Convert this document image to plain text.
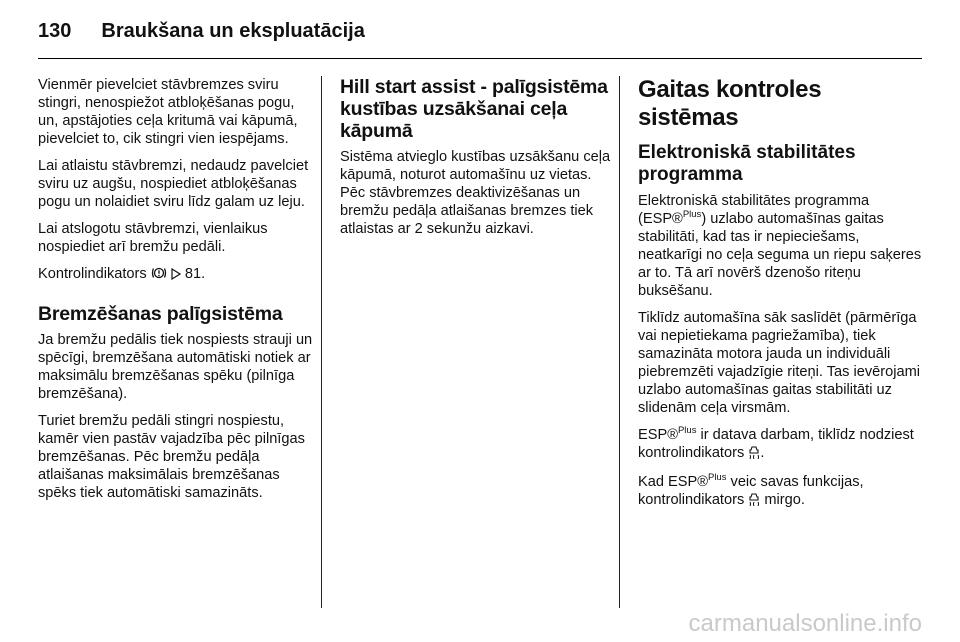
130 Braukšana un ekspluatācija

Vienmēr pievelciet stāvbremzes sviru stingri, nenospiežot atbloķēšanas pogu, un, apstājoties ceļa kritumā vai kāpumā, pievelciet to, cik stingri vien iespējams.

Lai atlaistu stāvbremzi, nedaudz pavelciet sviru uz augšu, nospiediet atbloķēšanas pogu un nolaidiet sviru līdz galam uz leju.

Lai atslogotu stāvbremzi, vienlaikus nospiediet arī bremžu pedāli.

Kontrolindikators	81.

Bremzēšanas palīgsistēma

Ja bremžu pedālis tiek nospiests strauji un spēcīgi, bremzēšana automātiski notiek ar maksimālu bremzēšanas spēku (pilnīga bremzēšana).

Turiet bremžu pedāli stingri nospiestu, kamēr vien pastāv vajadzība pēc pilnīgas bremzēšanas. Pēc bremžu pedāļa atlaišanas maksimālais bremzēšanas spēks tiek automātiski samazināts.

Hill start assist - palīgsistēma kustības uzsākšanai ceļa kāpumā

Sistēma atvieglo kustības uzsākšanu ceļa kāpumā, noturot automašīnu uz vietas. Pēc stāvbremzes deaktivizēšanas un bremžu pedāļa atlaišanas bremzes tiek atlaistas ar 2 sekunžu aizkavi.

Gaitas kontroles sistēmas
Elektroniskā stabilitātes programma

Elektroniskā stabilitātes programma (ESP®$^{Plus}$) uzlabo automašīnas gaitas stabilitāti, kad tas ir nepieciešams, neatkarīgi no ceļa seguma un riepu saķeres ar to. Tā arī novērš dzenošo riteņu buksēšanu.

Tiklīdz automašīna sāk saslīdēt (pārmērīga vai nepietiekama pagriežamība), tiek samazināta motora jauda un individuāli piebremzēti vajadzīgie riteņi. Tas ievērojami uzlabo automašīnas gaitas stabilitāti uz slidenām ceļa virsmām.

ESP®$^{Plus}$ ir datava darbam, tiklīdz nodziest kontrolindikators .

Kad ESP®$^{Plus}$ veic savas funkcijas, kontrolindikators  mirgo.

carmanualsonline.info
